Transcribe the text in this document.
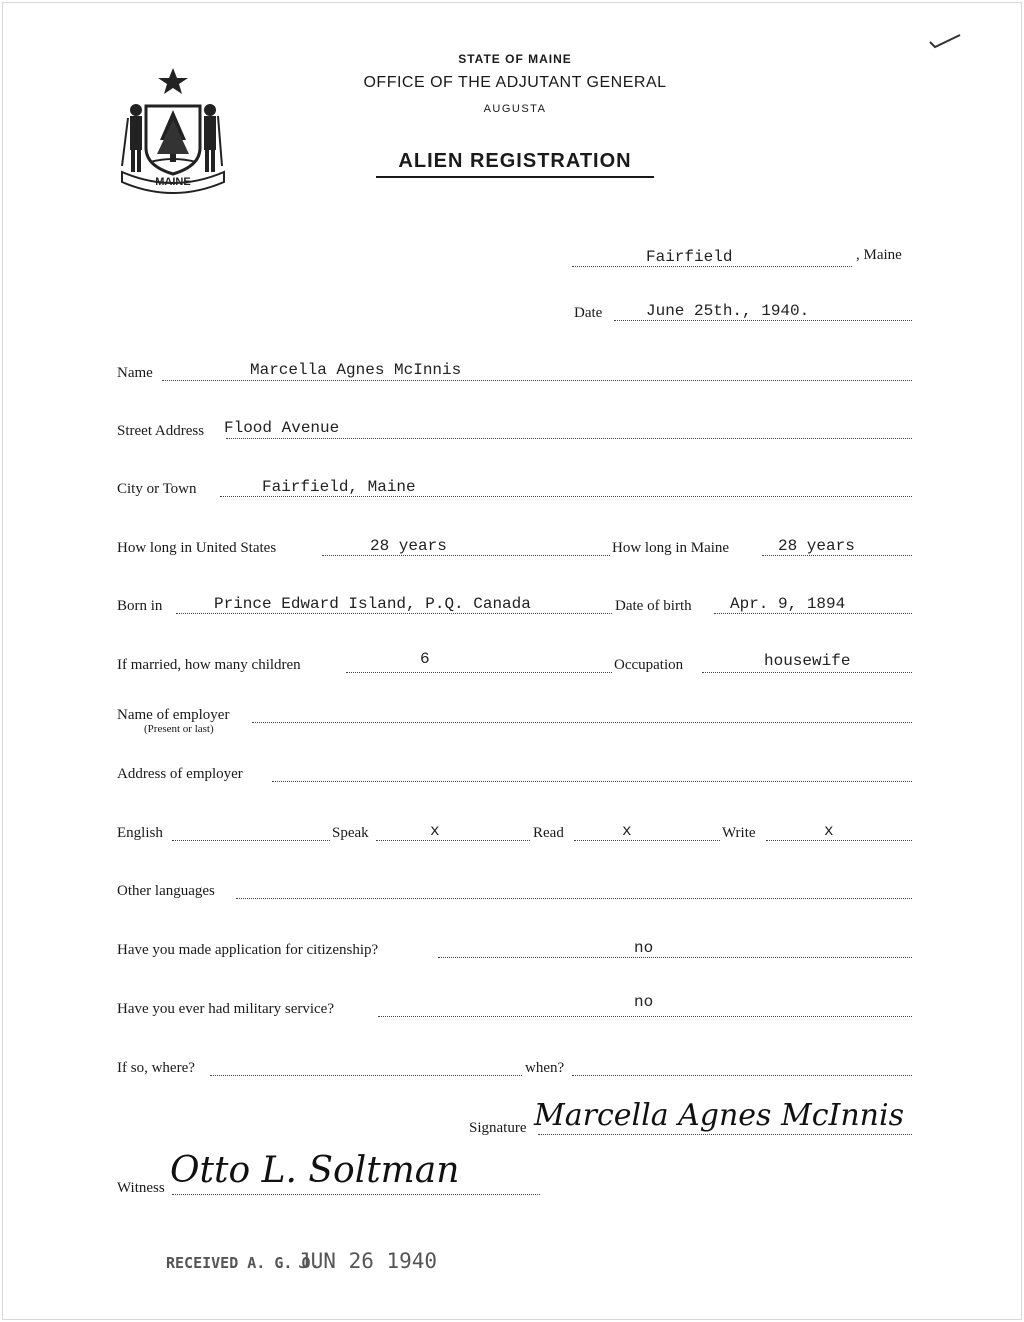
MAINE
STATE OF MAINE
OFFICE OF THE ADJUTANT GENERAL
AUGUSTA
ALIEN REGISTRATION
Fairfield	, Maine
Date	June 25th., 1940.
Name	Marcella Agnes McInnis
Street Address Flood Avenue
City or Town	Fairfield, Maine
How long in United States	28 years	How long in Maine	28 years
Born in	Prince Edward Island, P.Q. Canada	Date of birth Apr. 9, 1894
If married, how many children	6	Occupation	housewife
Name of employer
(Present or last)
Address of employer
English	Speak	x	Read	x	Write	x
Other languages
Have you made application for citizenship?	no
Have you ever had military service?	no
If so, where?	when?
Signature Marcella Agnes McInnis
Witness Otto L. Soltman
RECEIVED A. G. O.
JUN 26 1940
